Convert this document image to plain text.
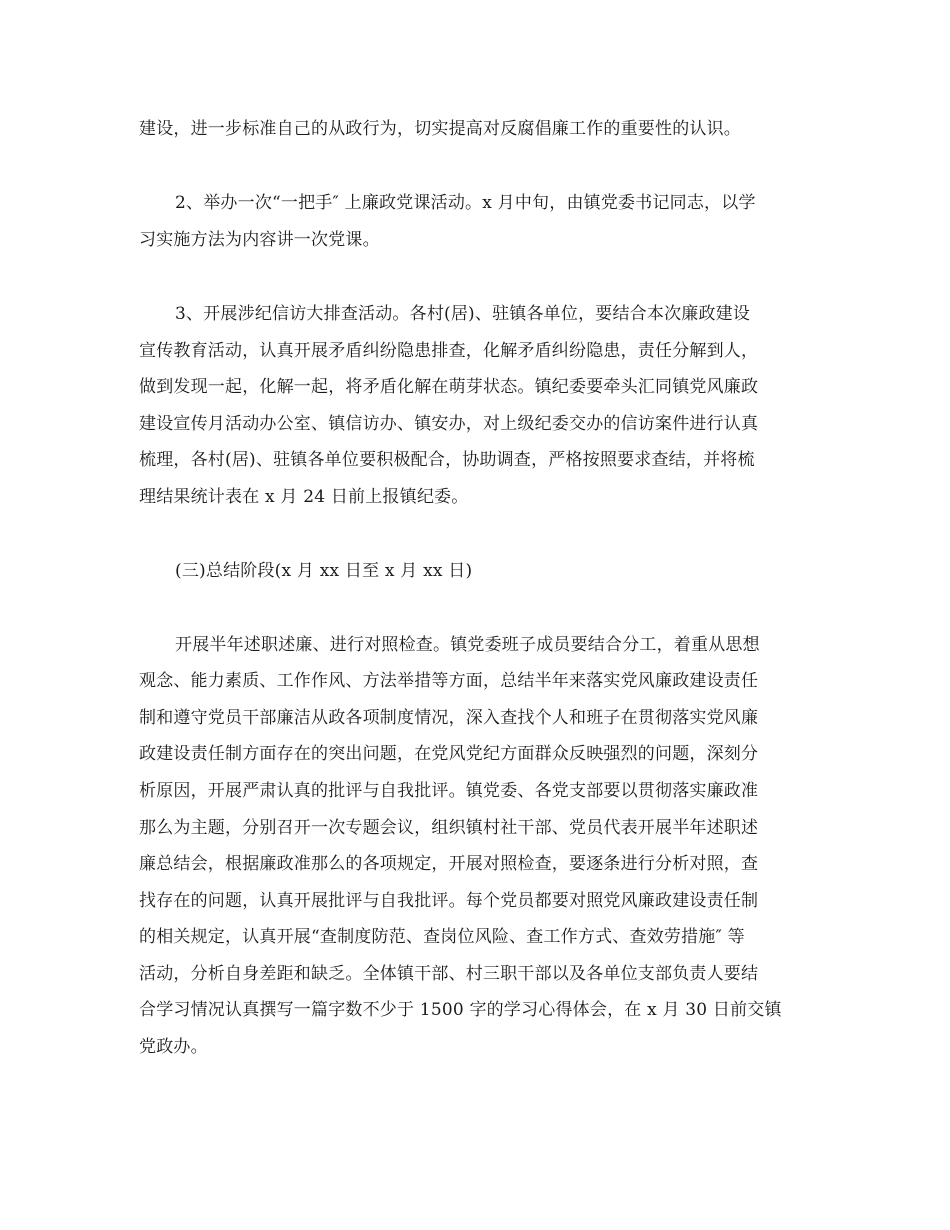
建设，进一步标准自己的从政行为，切实提高对反腐倡廉工作的重要性的认识。
2、举办一次“一把手″ 上廉政党课活动。x 月中旬，由镇党委书记同志，以学
习实施方法为内容讲一次党课。
3、开展涉纪信访大排查活动。各村(居)、驻镇各单位，要结合本次廉政建设
宣传教育活动，认真开展矛盾纠纷隐患排查，化解矛盾纠纷隐患，责任分解到人，
做到发现一起，化解一起，将矛盾化解在萌芽状态。镇纪委要牵头汇同镇党风廉政
建设宣传月活动办公室、镇信访办、镇安办，对上级纪委交办的信访案件进行认真
梳理，各村(居)、驻镇各单位要积极配合，协助调查，严格按照要求查结，并将梳
理结果统计表在 x 月 24 日前上报镇纪委。
(三)总结阶段(x 月 xx 日至 x 月 xx 日)
开展半年述职述廉、进行对照检查。镇党委班子成员要结合分工，着重从思想
观念、能力素质、工作作风、方法举措等方面，总结半年来落实党风廉政建设责任
制和遵守党员干部廉洁从政各项制度情况，深入查找个人和班子在贯彻落实党风廉
政建设责任制方面存在的突出问题，在党风党纪方面群众反映强烈的问题，深刻分
析原因，开展严肃认真的批评与自我批评。镇党委、各党支部要以贯彻落实廉政准
那么为主题，分别召开一次专题会议，组织镇村社干部、党员代表开展半年述职述
廉总结会，根据廉政准那么的各项规定，开展对照检查，要逐条进行分析对照，查
找存在的问题，认真开展批评与自我批评。每个党员都要对照党风廉政建设责任制
的相关规定，认真开展“查制度防范、查岗位风险、查工作方式、查效劳措施″ 等
活动，分析自身差距和缺乏。全体镇干部、村三职干部以及各单位支部负责人要结
合学习情况认真撰写一篇字数不少于 1500 字的学习心得体会，在 x 月 30 日前交镇
党政办。
